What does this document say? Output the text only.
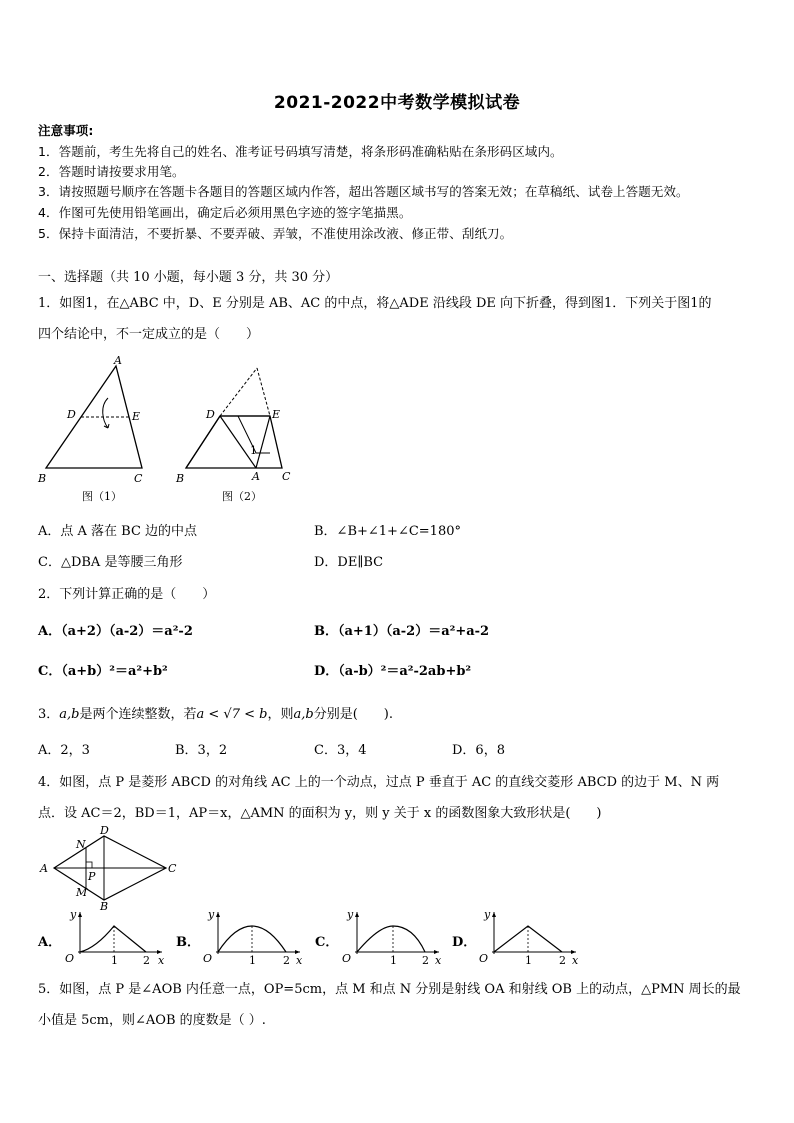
2021-2022中考数学模拟试卷
注意事项:
1．答题前，考生先将自己的姓名、准考证号码填写清楚，将条形码准确粘贴在条形码区域内。
2．答题时请按要求用笔。
3．请按照题号顺序在答题卡各题目的答题区域内作答，超出答题区域书写的答案无效；在草稿纸、试卷上答题无效。
4．作图可先使用铅笔画出，确定后必须用黑色字迹的签字笔描黑。
5．保持卡面清洁，不要折暴、不要弄破、弄皱，不准使用涂改液、修正带、刮纸刀。
一、选择题（共 10 小题，每小题 3 分，共 30 分）
1．如图1，在△ABC 中，D、E 分别是 AB、AC 的中点，将△ADE 沿线段 DE 向下折叠，得到图1．下列关于图1的
四个结论中，不一定成立的是（　　）
A
D	E
B	C
图（1）
D	E
1
B	A C
图（2）
A．点 A 落在 BC 边的中点	B．∠B+∠1+∠C=180°
C．△DBA 是等腰三角形	D．DE∥BC
2．下列计算正确的是（　　）
A．（a+2）（a-2）＝a²-2	B．（a+1）（a-2）＝a²+a-2
C．（a+b）²＝a²+b²	D．（a-b）²＝a²-2ab+b²
3．a,b是两个连续整数，若a < √7 < b，则a,b分别是(　　).
A．2，3	B．3，2	C．3，4	D．6，8
4．如图，点 P 是菱形 ABCD 的对角线 AC 上的一个动点，过点 P 垂直于 AC 的直线交菱形 ABCD 的边于 M、N 两
点．设 AC＝2，BD＝1，AP＝x，△AMN 的面积为 y，则 y 关于 x 的函数图象大致形状是(　　)
A
D
C
B
N
P
M
A．
y
O	1 2 x
B．
y
O	1 2 x
C．
y
O	1 2 x
D．
y
O	1 2 x
5．如图，点 P 是∠AOB 内任意一点，OP=5cm，点 M 和点 N 分别是射线 OA 和射线 OB 上的动点，△PMN 周长的最
小值是 5cm，则∠AOB 的度数是（ ）.
